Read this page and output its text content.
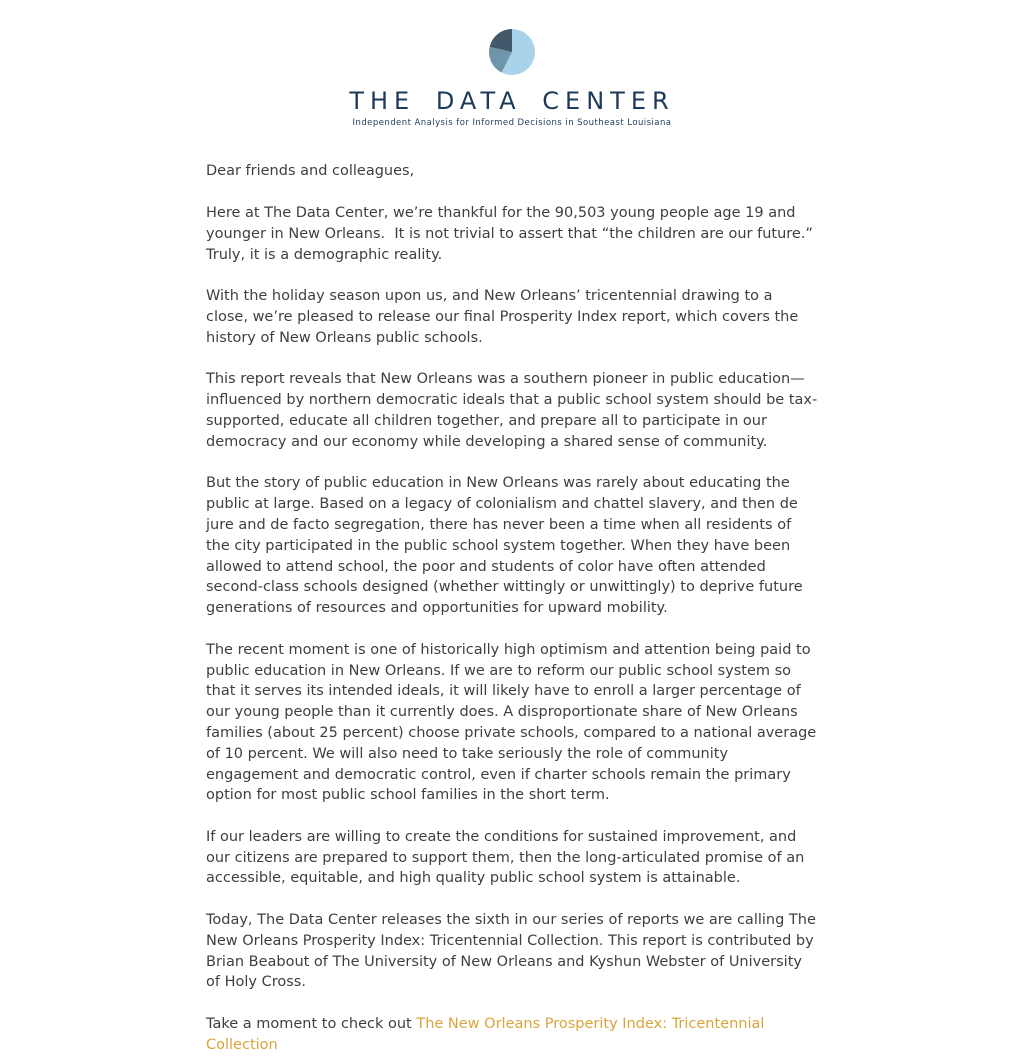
THE DATA CENTER
Independent Analysis for Informed Decisions in Southeast Louisiana

Dear friends and colleagues,

Here at The Data Center, we’re thankful for the 90,503 young people age 19 and younger in New Orleans.  It is not trivial to assert that “the children are our future.” Truly, it is a demographic reality.

With the holiday season upon us, and New Orleans’ tricentennial drawing to a close, we’re pleased to release our final Prosperity Index report, which covers the history of New Orleans public schools.

This report reveals that New Orleans was a southern pioneer in public education—influenced by northern democratic ideals that a public school system should be tax-supported, educate all children together, and prepare all to participate in our democracy and our economy while developing a shared sense of community.

But the story of public education in New Orleans was rarely about educating the public at large. Based on a legacy of colonialism and chattel slavery, and then de jure and de facto segregation, there has never been a time when all residents of the city participated in the public school system together. When they have been allowed to attend school, the poor and students of color have often attended second-class schools designed (whether wittingly or unwittingly) to deprive future generations of resources and opportunities for upward mobility.

The recent moment is one of historically high optimism and attention being paid to public education in New Orleans. If we are to reform our public school system so that it serves its intended ideals, it will likely have to enroll a larger percentage of our young people than it currently does. A disproportionate share of New Orleans families (about 25 percent) choose private schools, compared to a national average of 10 percent. We will also need to take seriously the role of community engagement and democratic control, even if charter schools remain the primary option for most public school families in the short term.

If our leaders are willing to create the conditions for sustained improvement, and our citizens are prepared to support them, then the long-articulated promise of an accessible, equitable, and high quality public school system is attainable.

Today, The Data Center releases the sixth in our series of reports we are calling The New Orleans Prosperity Index: Tricentennial Collection. This report is contributed by Brian Beabout of The University of New Orleans and Kyshun Webster of University of Holy Cross.

Take a moment to check out The New Orleans Prosperity Index: Tricentennial Collection
